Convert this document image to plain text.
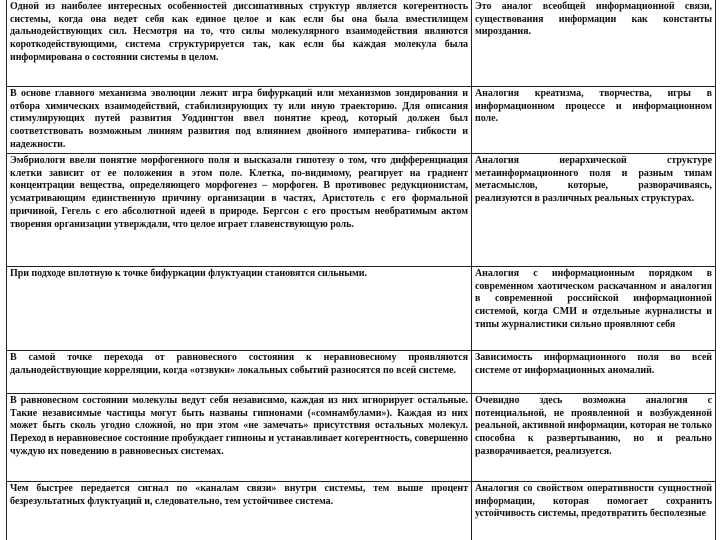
Одной из наиболее интересных особенностей диссипативных структур является когерентность системы, когда она ведет себя как единое целое и как если бы она была вместилищем дальнодействующих сил. Несмотря на то, что силы молекулярного взаимодействия являются короткодействующими, система структурируется так, как если бы каждая молекула была информирована о состоянии системы в целом.	Это аналог всеобщей информационной связи, существования информации как константы мироздания.
В основе главного механизма эволюции лежит игра бифуркаций или механизмов зондирования и отбора химических взаимодействий, стабилизирующих ту или иную траекторию. Для описания стимулирующих путей развития Уоддингтон ввел понятие креод, который должен был соответствовать возможным линиям развития под влиянием двойного императива- гибкости и надежности.	Аналогия креатизма, творчества, игры в информационном процессе и информационном поле.
Эмбриологи ввели понятие морфогенного поля и высказали гипотезу о том, что дифференциация клетки зависит от ее положения в этом поле. Клетка, по-видимому, реагирует на градиент концентрации вещества, определяющего морфогенез – морфоген. В противовес редукционистам, усматривающим единственную причину организации в частях, Аристотель с его формальной причиной, Гегель с его абсолютной идеей в природе. Бергсон с его простым необратимым актом творения организации утверждали, что целое играет главенствующую роль.	Аналогия иерархической структуре метаинформационного поля и разным типам метасмыслов, которые, разворачиваясь, реализуются в различных реальных структурах.
При подходе вплотную к точке бифуркации флуктуации становятся сильными.	Аналогия с информационным порядком в современном хаотическом раскачанном и аналогия в современной российской информационной системой, когда СМИ и отдельные журналисты и типы журналистики сильно проявляют себя
В самой точке перехода от равновесного состояния к неравновесному проявляются дальнодействующие корреляции, когда «отзвуки» локальных событий разносятся по всей системе.	Зависимость информационного поля во всей системе от информационных аномалий.
В равновесном состоянии молекулы ведут себя независимо, каждая из них игнорирует остальные. Такие независимые частицы могут быть названы гипнонами («сомнамбулами»). Каждая из них может быть сколь угодно сложной, но при этом «не замечать» присутствия остальных молекул. Переход в неравновесное состояние пробуждает гипноны и устанавливает когерентность, совершенно чуждую их поведению в равновесных системах.	Очевидно здесь возможна аналогия с потенциальной, не проявленной и возбужденной реальной, активной информации, которая не только способна к развертыванию, но и реально разворачивается, реализуется.
Чем быстрее передается сигнал по «каналам связи» внутри системы, тем выше процент безрезультатных флуктуаций и, следовательно, тем устойчивее система.	Аналогия со свойством оперативности сущностной информации, которая помогает сохранить устойчивость системы, предотвратить бесполезные
